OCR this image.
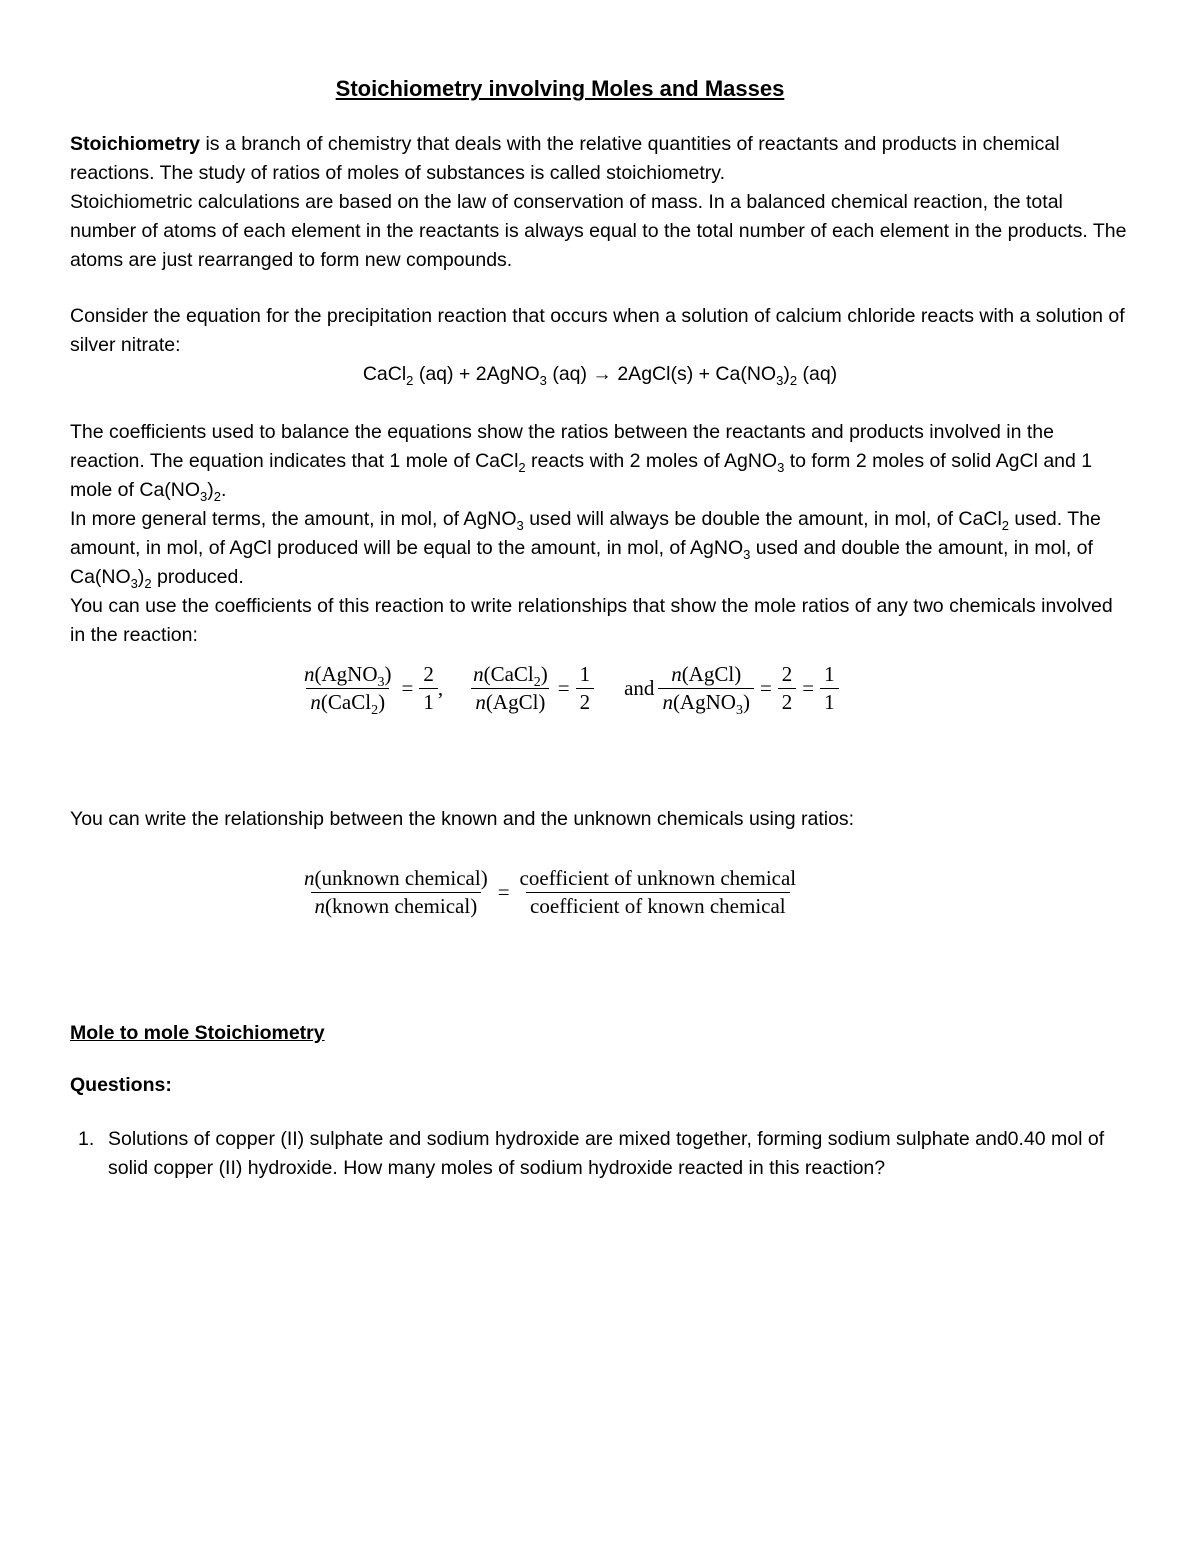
Stoichiometry involving Moles and Masses
Stoichiometry is a branch of chemistry that deals with the relative quantities of reactants and products in chemical reactions. The study of ratios of moles of substances is called stoichiometry.
Stoichiometric calculations are based on the law of conservation of mass. In a balanced chemical reaction, the total number of atoms of each element in the reactants is always equal to the total number of each element in the products. The atoms are just rearranged to form new compounds.
Consider the equation for the precipitation reaction that occurs when a solution of calcium chloride reacts with a solution of silver nitrate:
CaCl$_2$ (aq) + 2AgNO$_3$ (aq) → 2AgCl(s) + $Ca(NO_3)_2$ (aq)
The coefficients used to balance the equations show the ratios between the reactants and products involved in the reaction. The equation indicates that 1 mole of CaCl$_2$ reacts with 2 moles of AgNO$_3$ to form 2 moles of solid AgCl and 1 mole of $Ca(NO_3)_2$.
In more general terms, the amount, in mol, of AgNO$_3$ used will always be double the amount, in mol, of CaCl$_2$ used. The amount, in mol, of AgCl produced will be equal to the amount, in mol, of AgNO$_3$ used and double the amount, in mol, of $Ca(NO_3)_2$ produced.
You can use the coefficients of this reaction to write relationships that show the mole ratios of any two chemicals involved in the reaction:
$\frac{n(AgNO_3)}{n(CaCl_2)} = \frac{2}{1}$ , $\frac{n(CaCl_2)}{\text{n(AgCl)}} = \frac{1}{2}$ and $\frac{\text{n(AgCl)}}{n(AgNO_3)} = \frac{2}{2} = \frac{1}{1}$
You can write the relationship between the known and the unknown chemicals using ratios:
$\frac{\text{n(unknown chemical)}}{\text{n(known chemical)}} = \frac{\text{coefficient of unknown chemical}}{\text{coefficient of known chemical}}$
Mole to mole Stoichiometry
Questions:
1. Solutions of copper (II) sulphate and sodium hydroxide are mixed together, forming sodium sulphate and0.40 mol of solid copper (II) hydroxide. How many moles of sodium hydroxide reacted in this reaction?
